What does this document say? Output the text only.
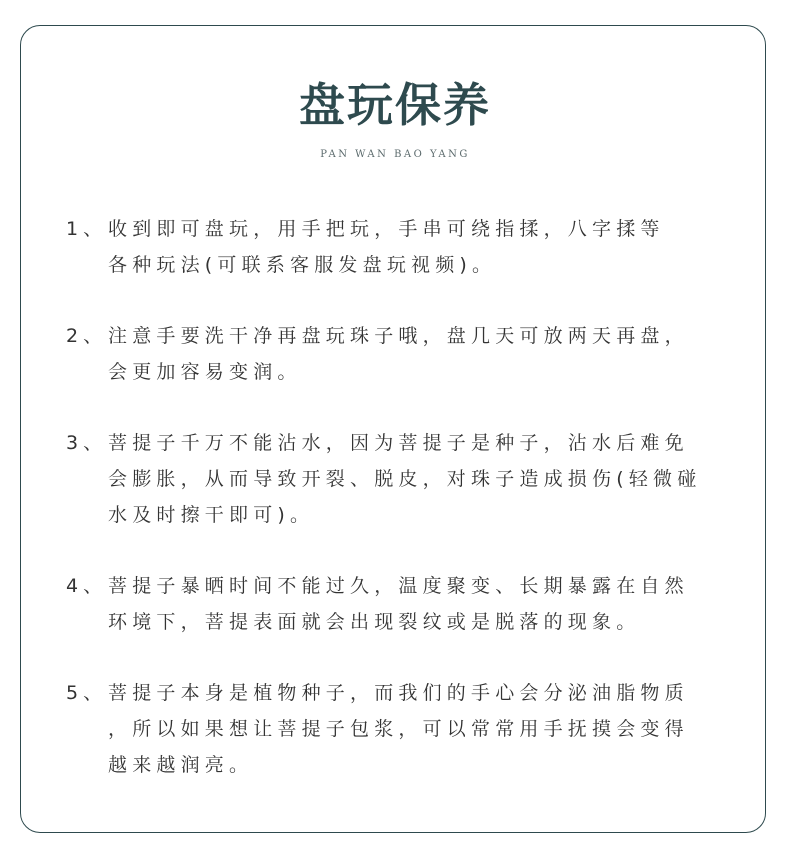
盘玩保养
PAN WAN BAO YANG
1、 收到即可盘玩，用手把玩，手串可绕指揉，八字揉等
各种玩法(可联系客服发盘玩视频)。
2、 注意手要洗干净再盘玩珠子哦，盘几天可放两天再盘，
会更加容易变润。
3、 菩提子千万不能沾水，因为菩提子是种子，沾水后难免
会膨胀，从而导致开裂、脱皮，对珠子造成损伤(轻微碰
水及时擦干即可)。
4、 菩提子暴晒时间不能过久，温度聚变、长期暴露在自然
环境下，菩提表面就会出现裂纹或是脱落的现象。
5、 菩提子本身是植物种子，而我们的手心会分泌油脂物质
，所以如果想让菩提子包浆，可以常常用手抚摸会变得
越来越润亮。
